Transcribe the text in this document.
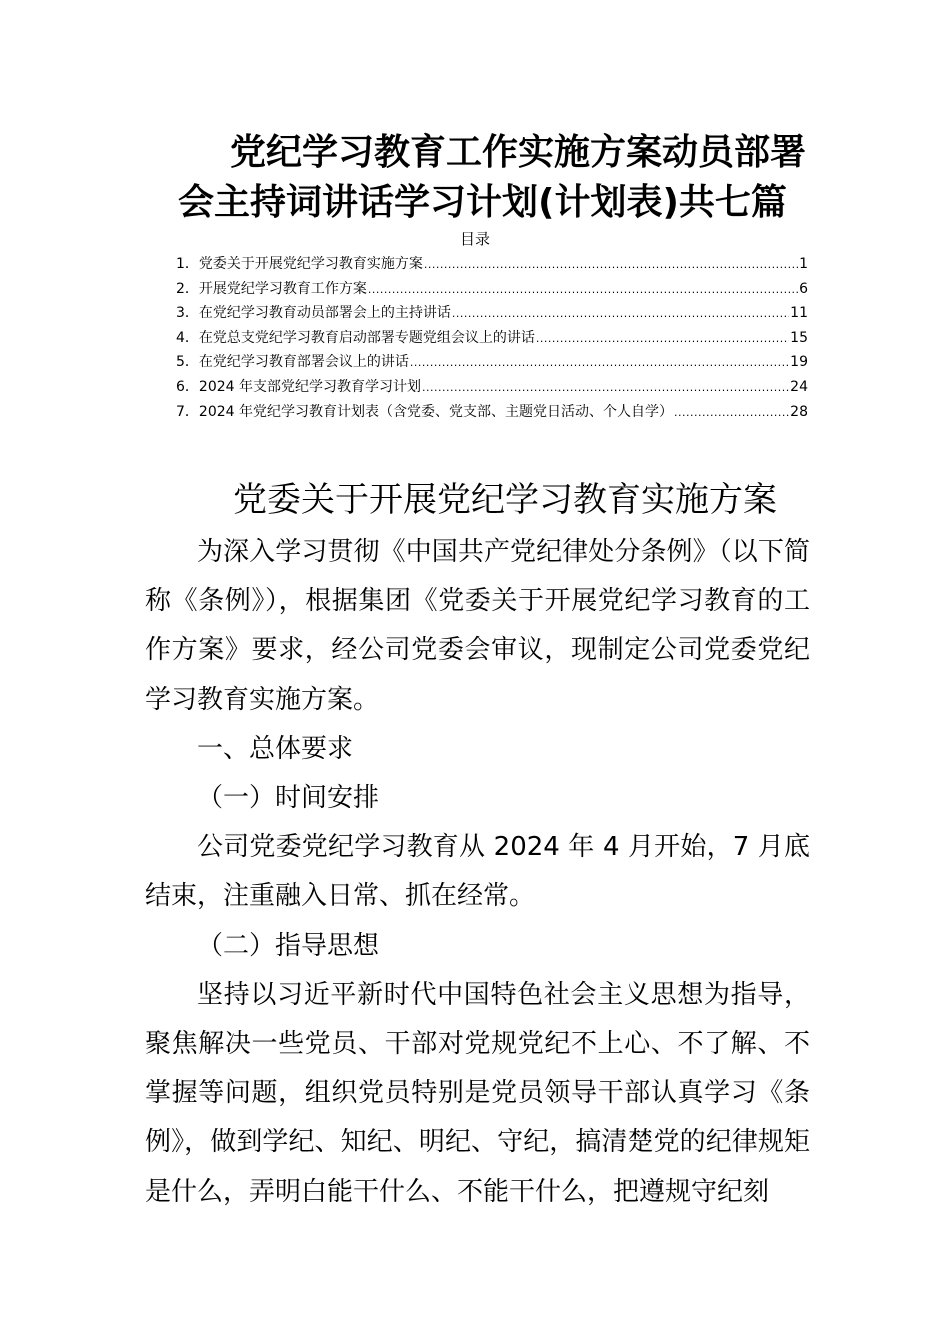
党纪学习教育工作实施方案动员部署
会主持词讲话学习计划(计划表)共七篇
目录
1．党委关于开展党纪学习教育实施方案 .....	1
2．开展党纪学习教育工作方案 .....	6
3．在党纪学习教育动员部署会上的主持讲话 .....	11
4．在党总支党纪学习教育启动部署专题党组会议上的讲话 .....	15
5．在党纪学习教育部署会议上的讲话 .....	19
6．2024 年支部党纪学习教育学习计划 .....	24
7．2024 年党纪学习教育计划表（含党委、党支部、主题党日活动、个人自学） .....	28
党委关于开展党纪学习教育实施方案

为深入学习贯彻《中国共产党纪律处分条例》（以下简称《条例》），根据集团《党委关于开展党纪学习教育的工作方案》要求，经公司党委会审议，现制定公司党委党纪学习教育实施方案。

一、总体要求

（一）时间安排

公司党委党纪学习教育从 2024 年 4 月开始，7 月底结束，注重融入日常、抓在经常。

（二）指导思想

坚持以习近平新时代中国特色社会主义思想为指导，聚焦解决一些党员、干部对党规党纪不上心、不了解、不掌握等问题，组织党员特别是党员领导干部认真学习《条例》，做到学纪、知纪、明纪、守纪，搞清楚党的纪律规矩是什么，弄明白能干什么、不能干什么，把遵规守纪刻
